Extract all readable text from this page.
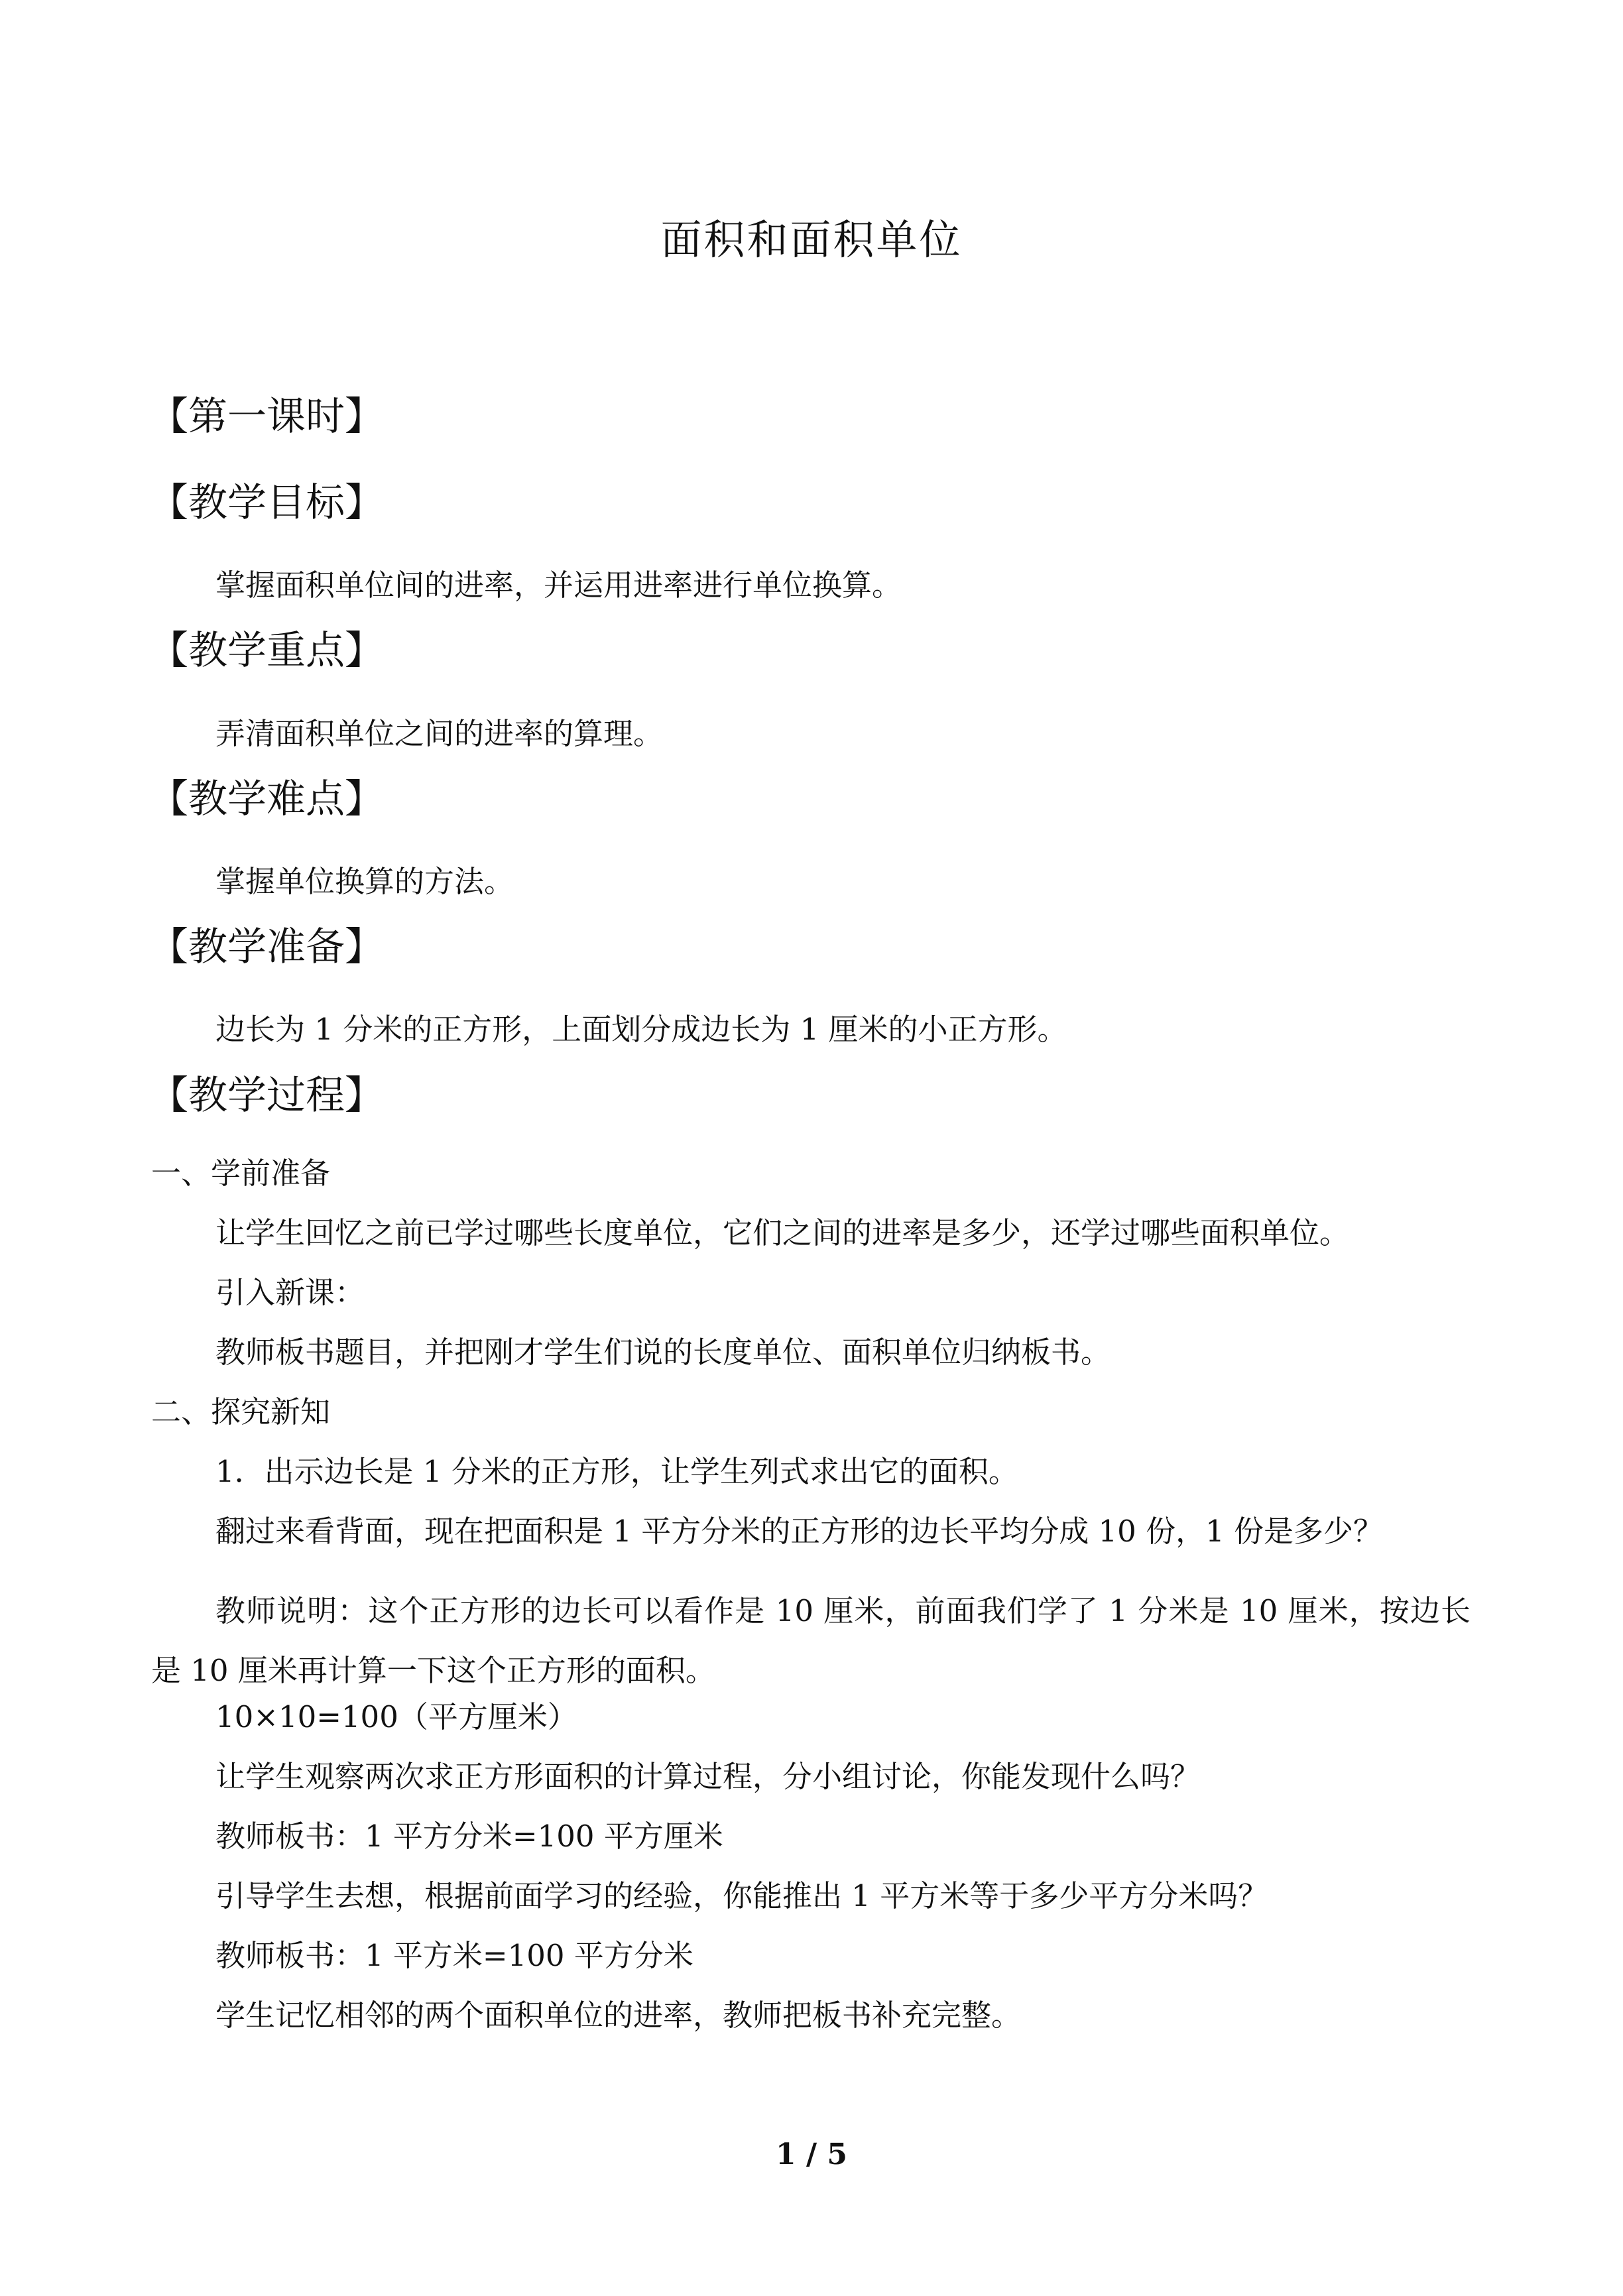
面积和面积单位
【第一课时】
【教学目标】
掌握面积单位间的进率，并运用进率进行单位换算。
【教学重点】
弄清面积单位之间的进率的算理。
【教学难点】
掌握单位换算的方法。
【教学准备】
边长为 1 分米的正方形，上面划分成边长为 1 厘米的小正方形。
【教学过程】
一、学前准备
让学生回忆之前已学过哪些长度单位，它们之间的进率是多少，还学过哪些面积单位。
引入新课：
教师板书题目，并把刚才学生们说的长度单位、面积单位归纳板书。
二、探究新知
1．出示边长是 1 分米的正方形，让学生列式求出它的面积。
翻过来看背面，现在把面积是 1 平方分米的正方形的边长平均分成 10 份，1 份是多少？
教师说明：这个正方形的边长可以看作是 10 厘米，前面我们学了 1 分米是 10 厘米，按边长是 10 厘米再计算一下这个正方形的面积。
10×10=100（平方厘米）
让学生观察两次求正方形面积的计算过程，分小组讨论，你能发现什么吗？
教师板书：1 平方分米=100 平方厘米
引导学生去想，根据前面学习的经验，你能推出 1 平方米等于多少平方分米吗？
教师板书：1 平方米=100 平方分米
学生记忆相邻的两个面积单位的进率，教师把板书补充完整。
1 / 5
